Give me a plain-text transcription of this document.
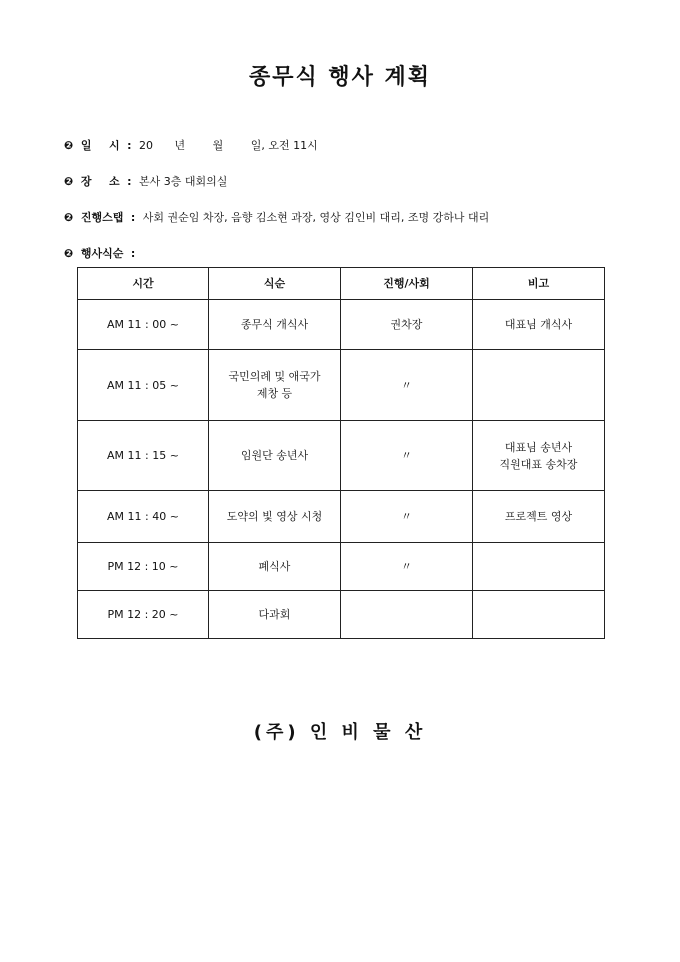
종무식 행사 계획
❷ 일 시 : 20 년	월	일, 오전 11시
❷ 장 소 : 본사 3층 대회의실
❷ 진행스탭 : 사회 권순임 차장, 음향 김소현 과장, 영상 김인비 대리, 조명 강하나 대리
❷ 행사식순 :
시간	식순	진행/사회	비고
AM 11 : 00 ~	종무식 개식사	권차장	대표님 개식사

AM 11 : 05 ~	국민의례 및 애국가
제창 등	〃	

AM 11 : 15 ~	임원단 송년사	〃	대표님 송년사
직원대표 송차장

AM 11 : 40 ~	도약의 빛 영상 시청	〃	프로젝트 영상

PM 12 : 10 ~	폐식사	〃	

PM 12 : 20 ~	다과회		

(주) 인 비 물 산
